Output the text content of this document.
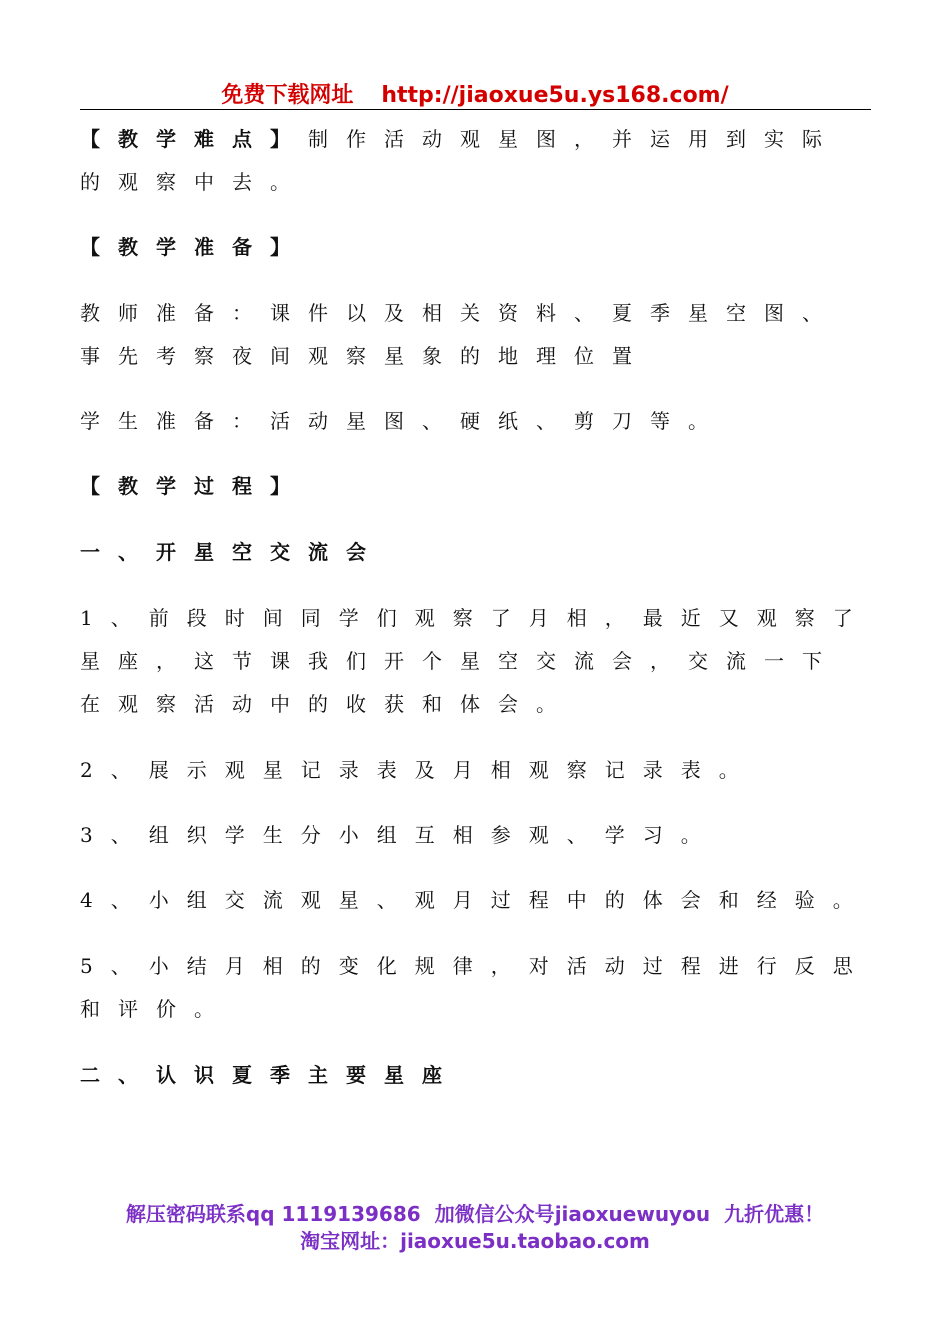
免费下载网址 http://jiaoxue5u.ys168.com/
【教学难点】制作活动观星图，并运用到实际
的观察中去。
【教学准备】
教师准备：课件以及相关资料、夏季星空图、
事先考察夜间观察星象的地理位置
学生准备：活动星图、硬纸、剪刀等。
【教学过程】
一、开星空交流会
1、前段时间同学们观察了月相，最近又观察了
星座，这节课我们开个星空交流会，交流一下
在观察活动中的收获和体会。
2、展示观星记录表及月相观察记录表。
3、组织学生分小组互相参观、学习。
4、小组交流观星、观月过程中的体会和经验。
5、小结月相的变化规律，对活动过程进行反思
和评价。
二、认识夏季主要星座
解压密码联系qq 1119139686 加微信公众号jiaoxuewuyou 九折优惠！
淘宝网址：jiaoxue5u.taobao.com
